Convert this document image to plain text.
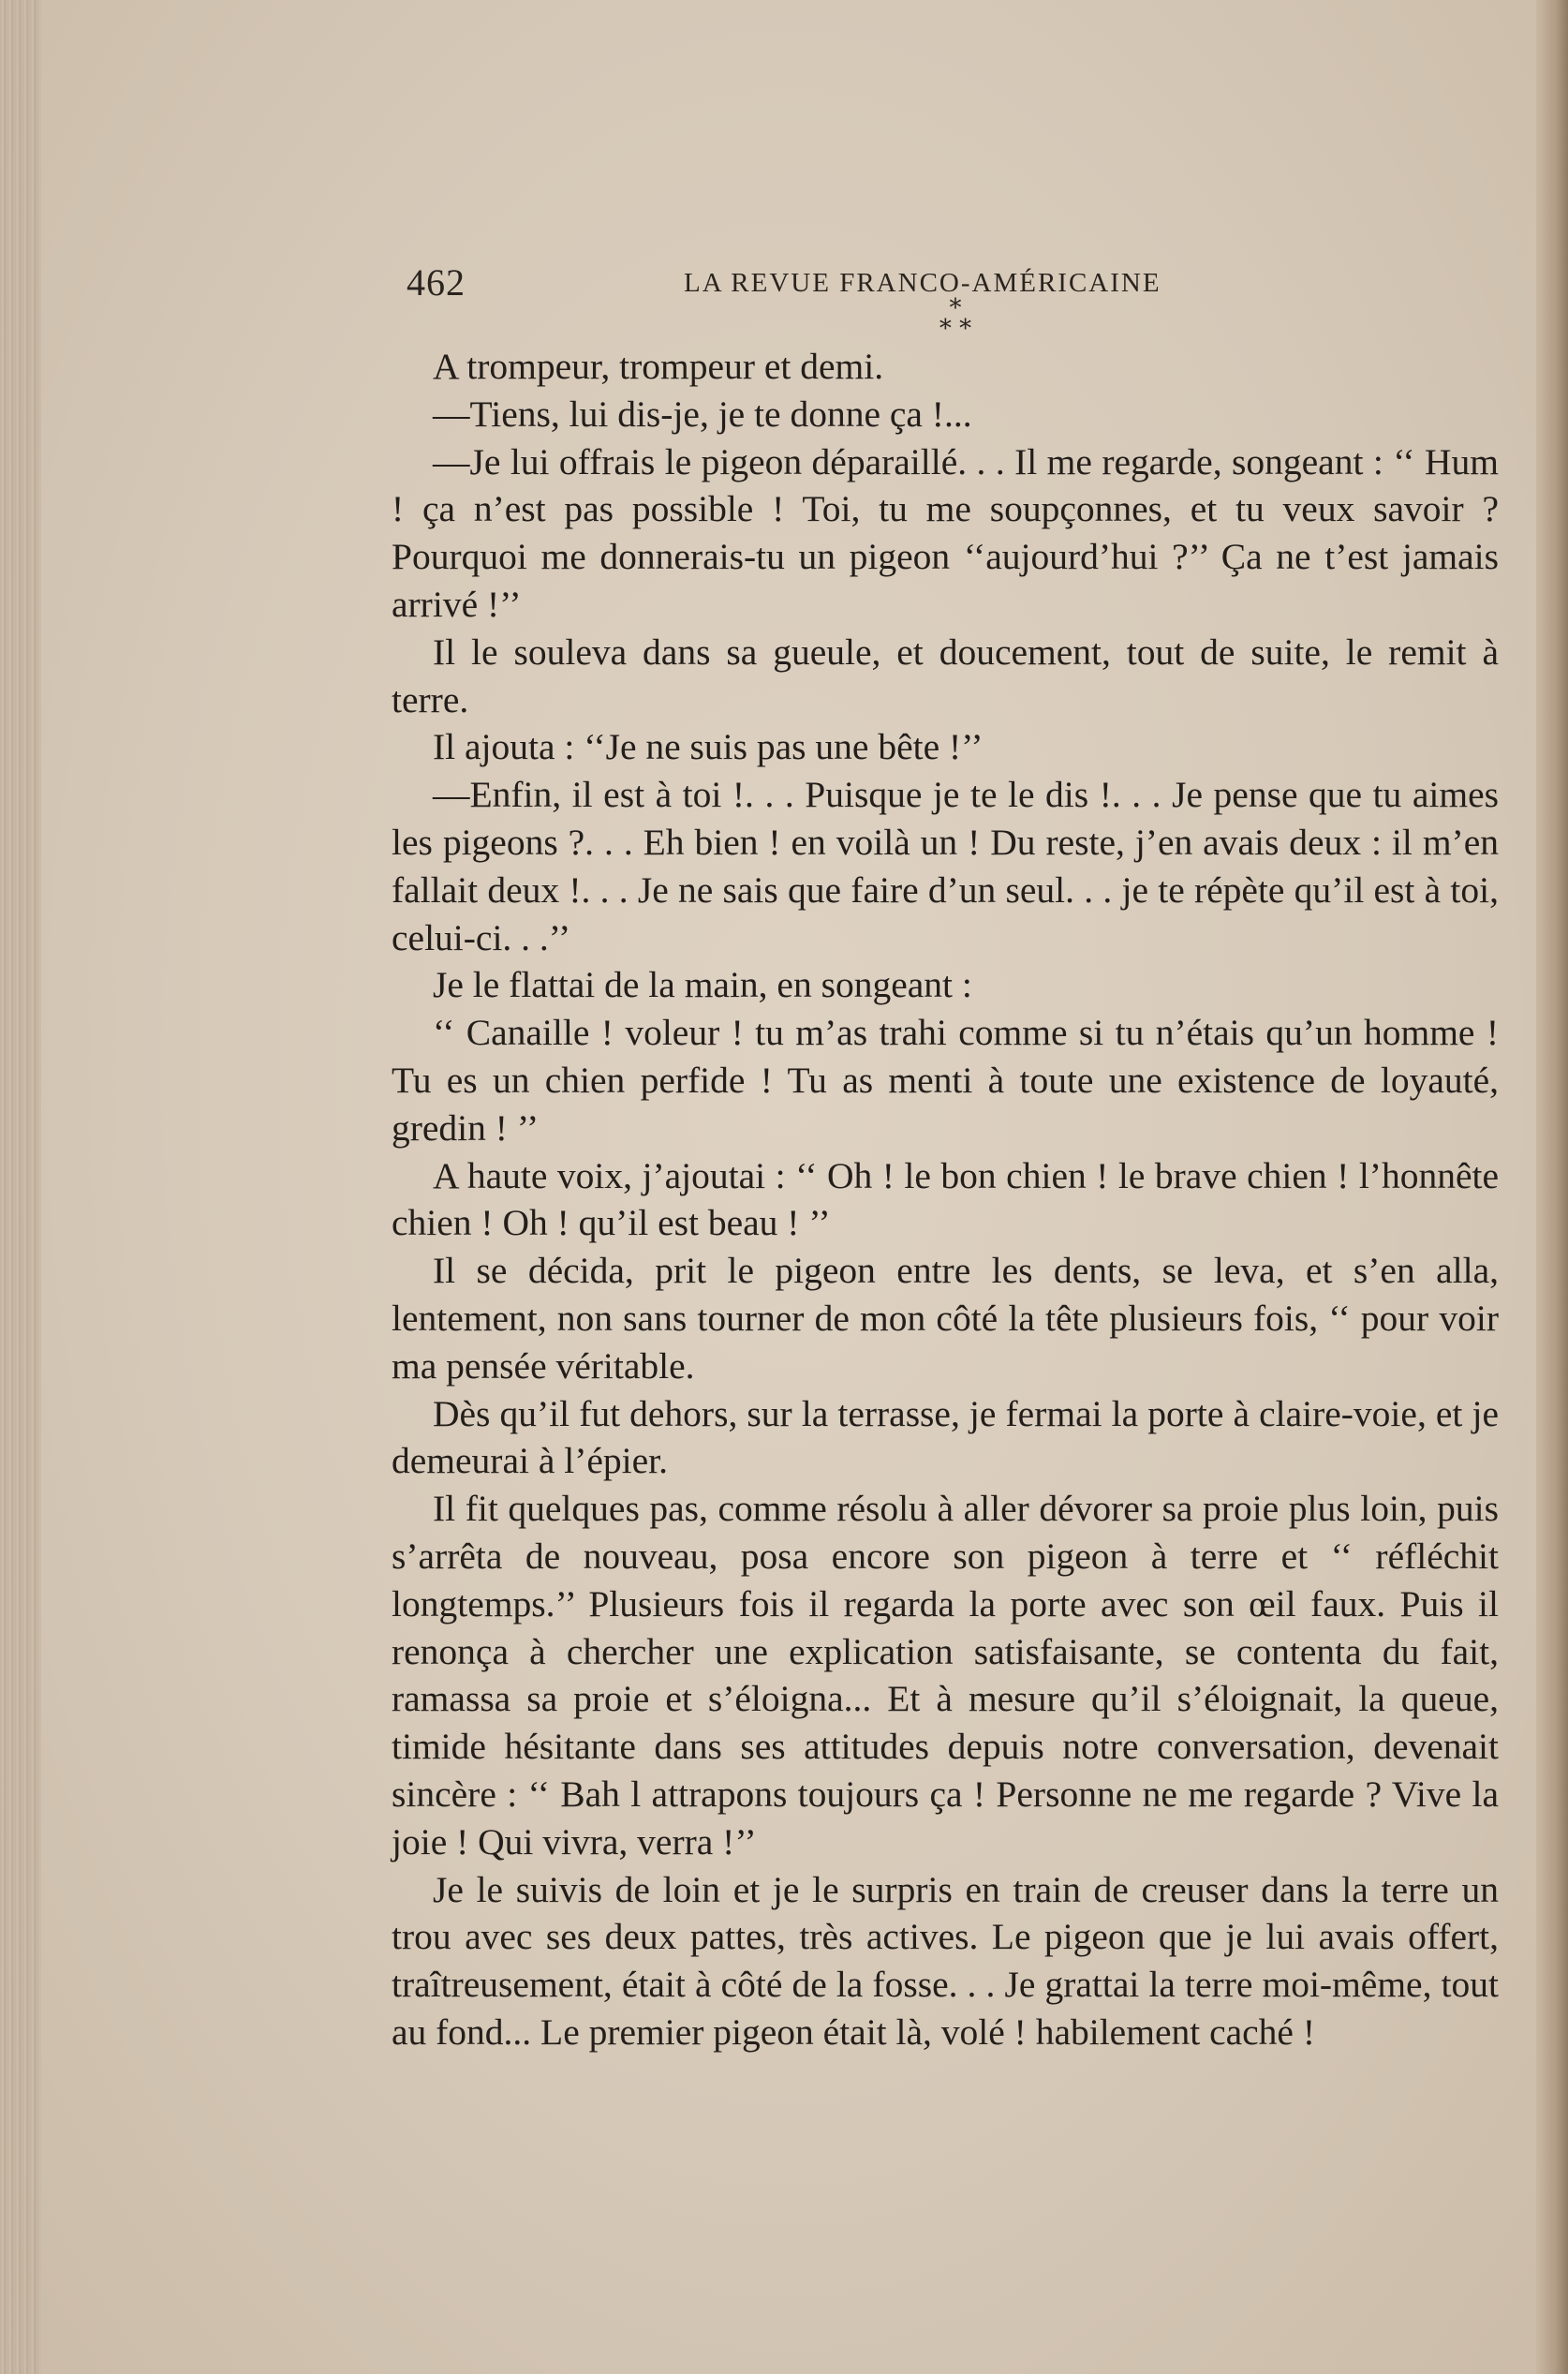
462	LA REVUE FRANCO-AMÉRICAINE
*
* *

A trompeur, trompeur et demi.

—Tiens, lui dis-je, je te donne ça !...

—Je lui offrais le pigeon déparaillé. . . Il me regarde, songeant : ‘‘ Hum ! ça n’est pas possible ! Toi, tu me soupçonnes, et tu veux savoir ? Pourquoi me donnerais-tu un pigeon ‘‘aujourd’hui ?’’ Ça ne t’est jamais arrivé !’’

Il le souleva dans sa gueule, et doucement, tout de suite, le remit à terre.

Il ajouta : ‘‘Je ne suis pas une bête !’’

—Enfin, il est à toi !. . . Puisque je te le dis !. . . Je pense que tu aimes les pigeons ?. . . Eh bien ! en voilà un ! Du reste, j’en avais deux : il m’en fallait deux !. . . Je ne sais que faire d’un seul. . . je te répète qu’il est à toi, celui-ci. . .’’

Je le flattai de la main, en songeant :

‘‘ Canaille ! voleur ! tu m’as trahi comme si tu n’étais qu’un homme ! Tu es un chien perfide ! Tu as menti à toute une existence de loyauté, gredin ! ’’

A haute voix, j’ajoutai : ‘‘ Oh ! le bon chien ! le brave chien ! l’honnête chien ! Oh ! qu’il est beau ! ’’

Il se décida, prit le pigeon entre les dents, se leva, et s’en alla, lentement, non sans tourner de mon côté la tête plusieurs fois, ‘‘ pour voir ma pensée véritable.

Dès qu’il fut dehors, sur la terrasse, je fermai la porte à claire-voie, et je demeurai à l’épier.

Il fit quelques pas, comme résolu à aller dévorer sa proie plus loin, puis s’arrêta de nouveau, posa encore son pigeon à terre et ‘‘ réfléchit longtemps.’’ Plusieurs fois il regarda la porte avec son œil faux. Puis il renonça à chercher une explication satisfaisante, se contenta du fait, ramassa sa proie et s’éloigna... Et à mesure qu’il s’éloignait, la queue, timide hésitante dans ses attitudes depuis notre conversation, devenait sincère : ‘‘ Bah l attrapons toujours ça ! Personne ne me regarde ? Vive la joie ! Qui vivra, verra !’’

Je le suivis de loin et je le surpris en train de creuser dans la terre un trou avec ses deux pattes, très actives. Le pigeon que je lui avais offert, traîtreusement, était à côté de la fosse. . . Je grattai la terre moi-même, tout au fond... Le premier pigeon était là, volé ! habilement caché !
